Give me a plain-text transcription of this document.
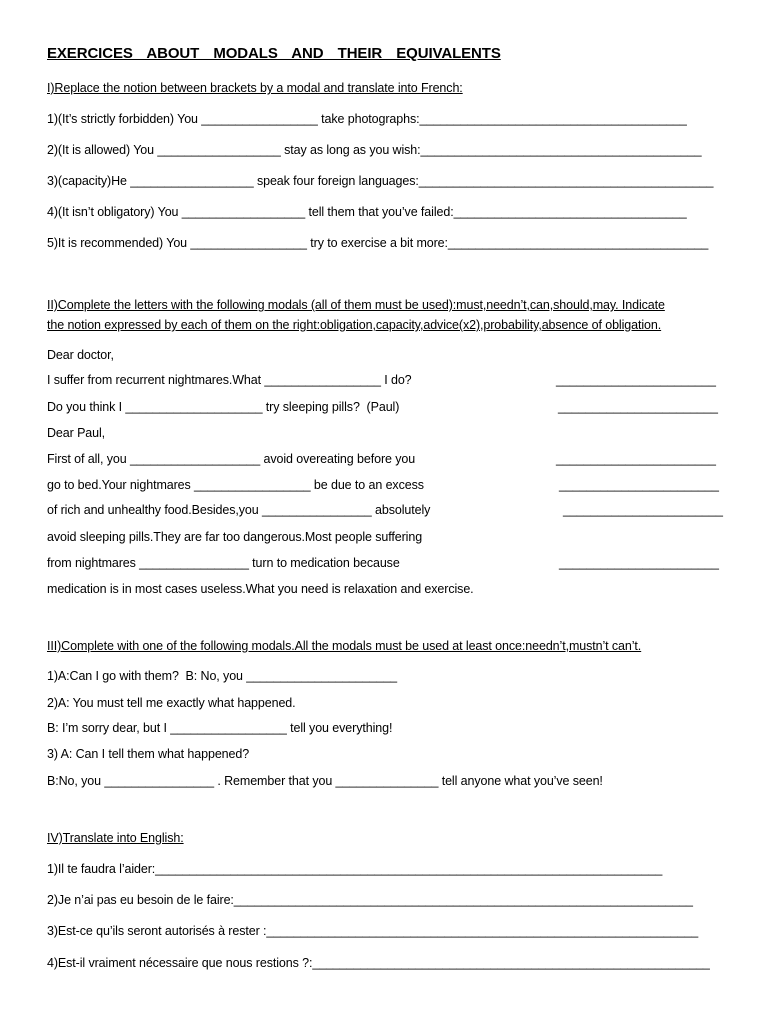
EXERCICES  ABOUT  MODALS  AND  THEIR  EQUIVALENTS
I)Replace the notion between brackets by a modal and translate into French:
1)(It’s strictly forbidden) You _________________ take photographs:_______________________________________
2)(It is allowed) You __________________ stay as long as you wish:_________________________________________
3)(capacity)He __________________ speak four foreign languages:___________________________________________
4)(It isn’t obligatory) You __________________ tell them that you’ve failed:__________________________________
5)It is recommended) You _________________ try to exercise a bit more:______________________________________
II)Complete the letters with the following modals (all of them must be used):must,needn’t,can,should,may. Indicate
the notion expressed by each of them on the right:obligation,capacity,advice(x2),probability,absence of obligation.
Dear doctor,
I suffer from recurrent nightmares.What _________________ I do?
Do you think I ____________________ try sleeping pills?  (Paul)
Dear Paul,
First of all, you ___________________ avoid overeating before you
go to bed.Your nightmares _________________ be due to an excess
of rich and unhealthy food.Besides,you ________________ absolutely
avoid sleeping pills.They are far too dangerous.Most people suffering
from nightmares ________________ turn to medication because
medication is in most cases useless.What you need is relaxation and exercise.
_______________________
_______________________
_______________________
_______________________
_______________________
_______________________
III)Complete with one of the following modals.All the modals must be used at least once:needn’t,mustn’t can’t.
1)A:Can I go with them?  B: No, you ______________________
2)A: You must tell me exactly what happened.
B: I’m sorry dear, but I _________________ tell you everything!
3) A: Can I tell them what happened?
B:No, you ________________ . Remember that you _______________ tell anyone what you’ve seen!
IV)Translate into English:
1)Il te faudra l’aider:__________________________________________________________________________
2)Je n’ai pas eu besoin de le faire:___________________________________________________________________
3)Est-ce qu’ils seront autorisés à rester :_______________________________________________________________
4)Est-il vraiment nécessaire que nous restions ?:__________________________________________________________
